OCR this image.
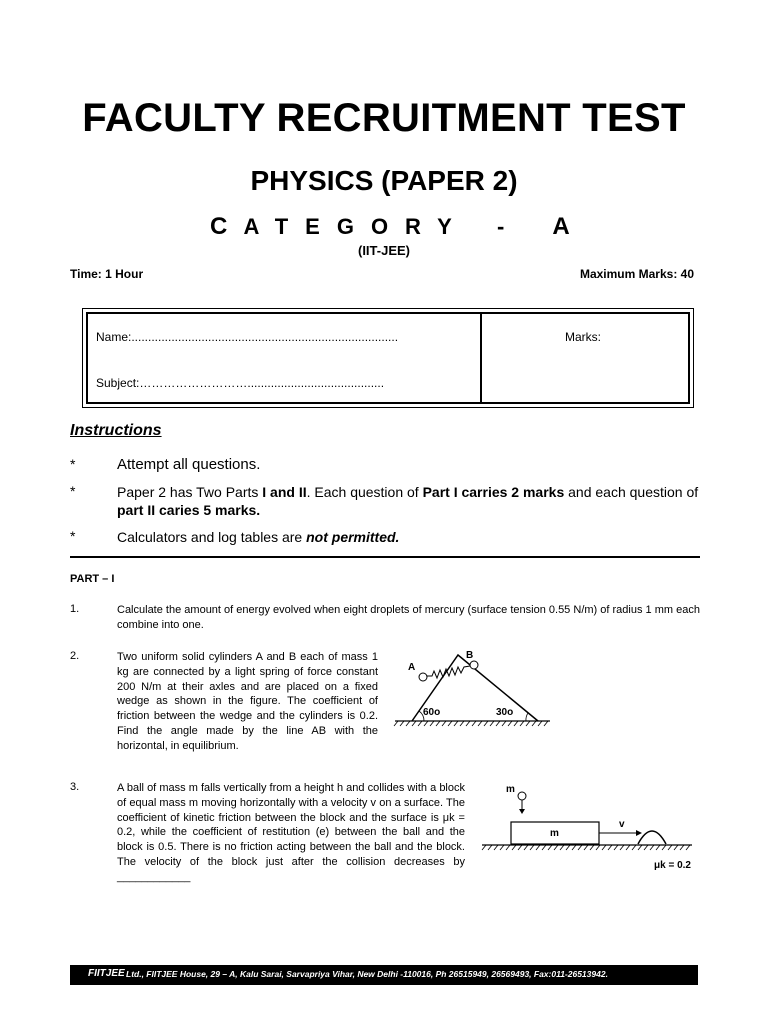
FACULTY RECRUITMENT TEST
PHYSICS (PAPER 2)
C ATEGORY - A
(IIT-JEE)
Time: 1 Hour	Maximum Marks: 40
Name:................................................................................
Subject:……………………….........................................
Marks:
Instructions
*	Attempt all questions.
*	Paper 2 has Two Parts I and II. Each question of Part I carries 2 marks and each question of part II caries 5 marks.
*	Calculators and log tables are not permitted.
PART – I
1.	Calculate the amount of energy evolved when eight droplets of mercury (surface tension 0.55 N/m) of radius 1 mm each combine into one.
2.	Two uniform solid cylinders A and B each of mass 1 kg are connected by a light spring of force constant 200 N/m at their axles and are placed on a fixed wedge as shown in the figure. The coefficient of friction between the wedge and the cylinders is 0.2. Find the angle made by the line AB with the horizontal, in equilibrium.
A
B
60o	30o
3.	A ball of mass m falls vertically from a height h and collides with a block of equal mass m moving horizontally with a velocity v on a surface. The coefficient of kinetic friction between the block and the surface is μk = 0.2, while the coefficient of restitution (e) between the ball and the block is 0.5. There is no friction acting between the ball and the block. The velocity of the block just after the collision decreases by ____________
m
m
v
μk = 0.2
FIITJEE Ltd., FIITJEE House, 29 – A, Kalu Sarai, Sarvapriya Vihar, New Delhi -110016, Ph 26515949, 26569493, Fax:011-26513942.
